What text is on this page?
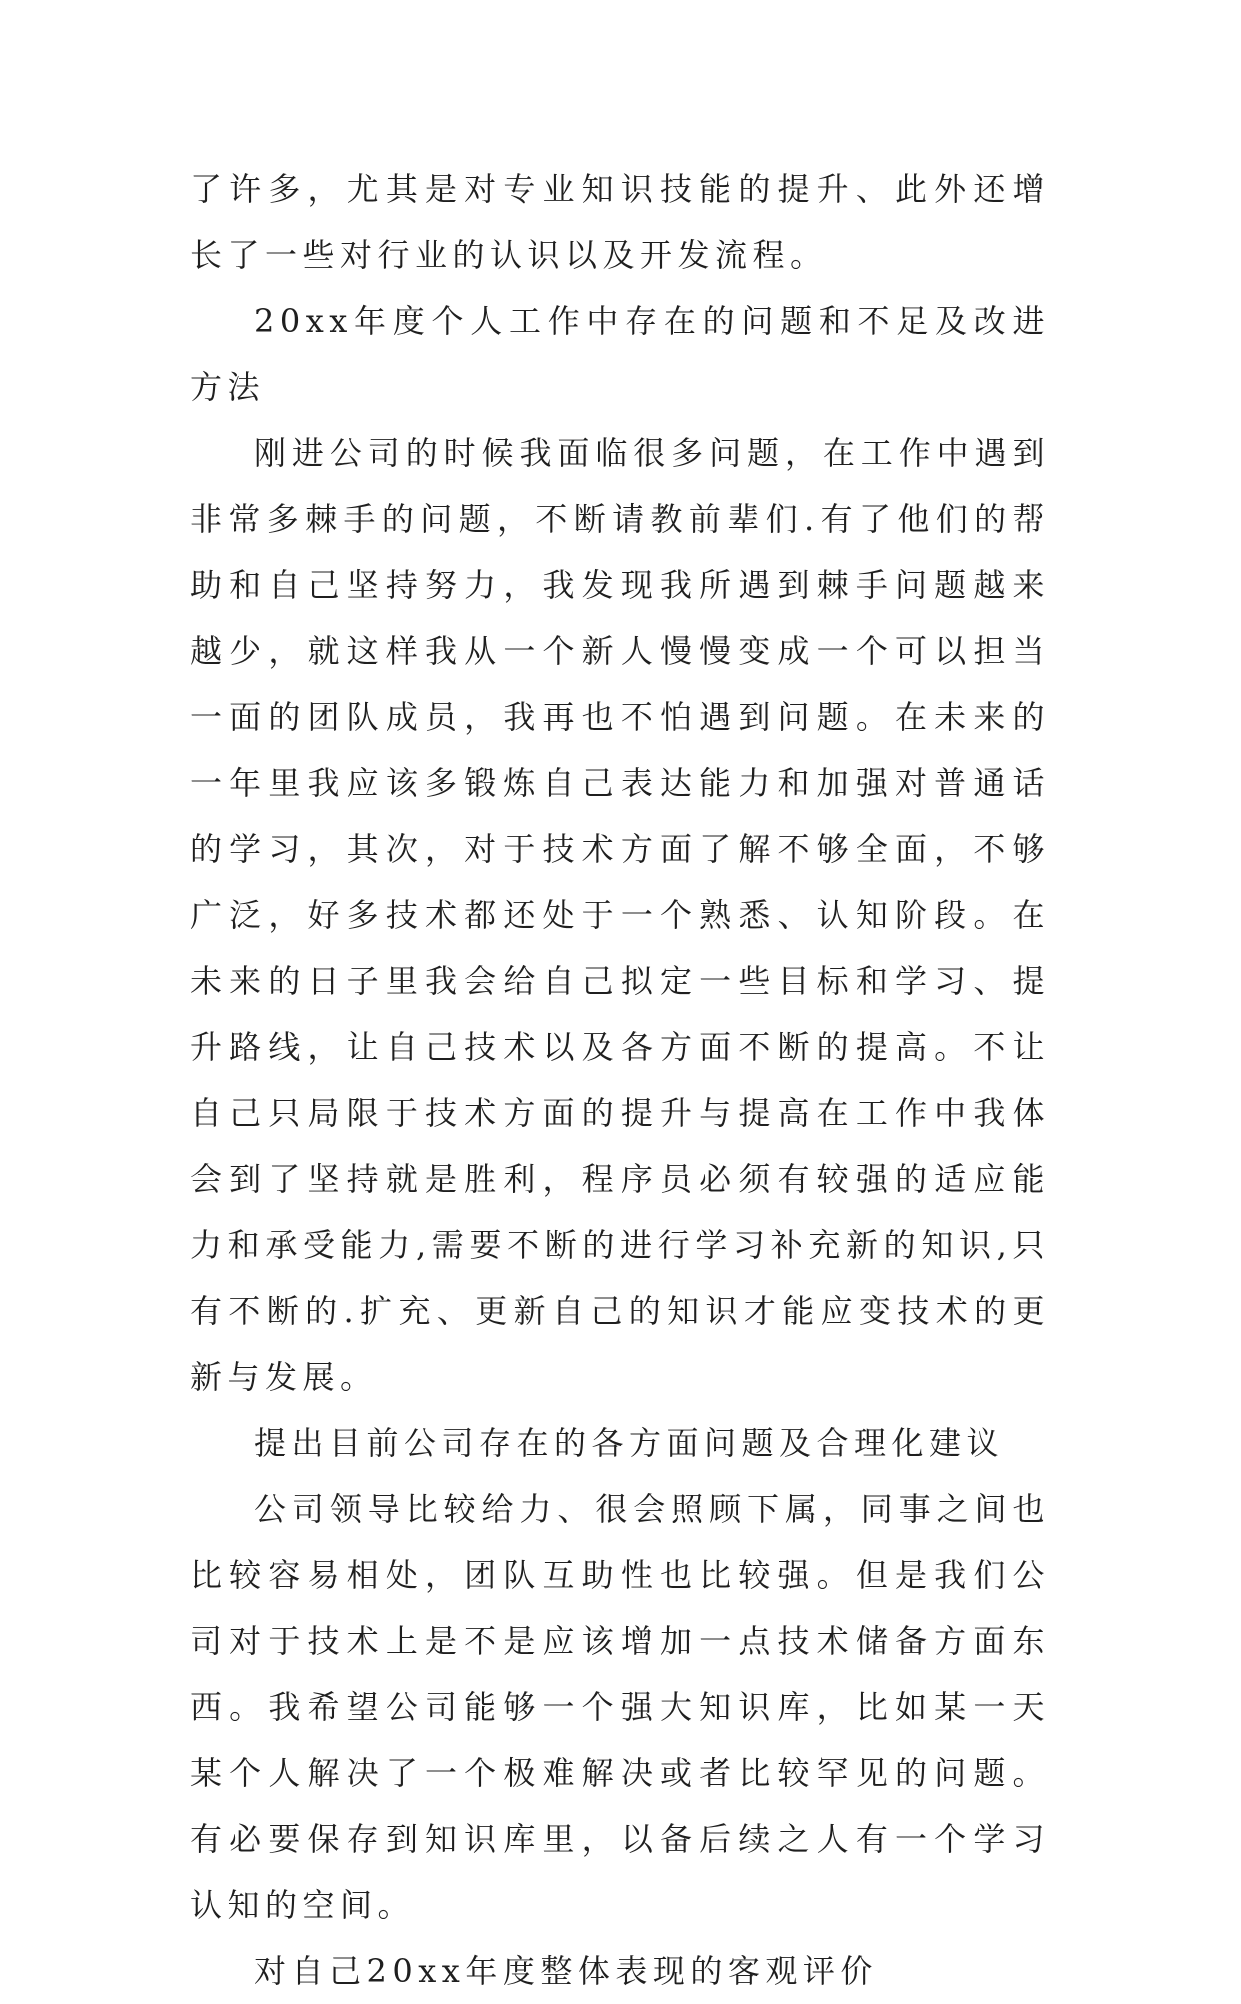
了许多，尤其是对专业知识技能的提升、此外还增长了一些对行业的认识以及开发流程。

20xx年度个人工作中存在的问题和不足及改进方法

刚进公司的时候我面临很多问题，在工作中遇到非常多棘手的问题，不断请教前辈们.有了他们的帮助和自己坚持努力，我发现我所遇到棘手问题越来越少，就这样我从一个新人慢慢变成一个可以担当一面的团队成员，我再也不怕遇到问题。在未来的一年里我应该多锻炼自己表达能力和加强对普通话的学习，其次，对于技术方面了解不够全面，不够广泛，好多技术都还处于一个熟悉、认知阶段。在未来的日子里我会给自己拟定一些目标和学习、提升路线，让自己技术以及各方面不断的提高。不让自己只局限于技术方面的提升与提高在工作中我体会到了坚持就是胜利，程序员必须有较强的适应能力和承受能力,需要不断的进行学习补充新的知识,只有不断的.扩充、更新自己的知识才能应变技术的更新与发展。

提出目前公司存在的各方面问题及合理化建议

公司领导比较给力、很会照顾下属，同事之间也比较容易相处，团队互助性也比较强。但是我们公司对于技术上是不是应该增加一点技术储备方面东西。我希望公司能够一个强大知识库，比如某一天某个人解决了一个极难解决或者比较罕见的问题。有必要保存到知识库里，以备后续之人有一个学习认知的空间。

对自己20xx年度整体表现的客观评价
